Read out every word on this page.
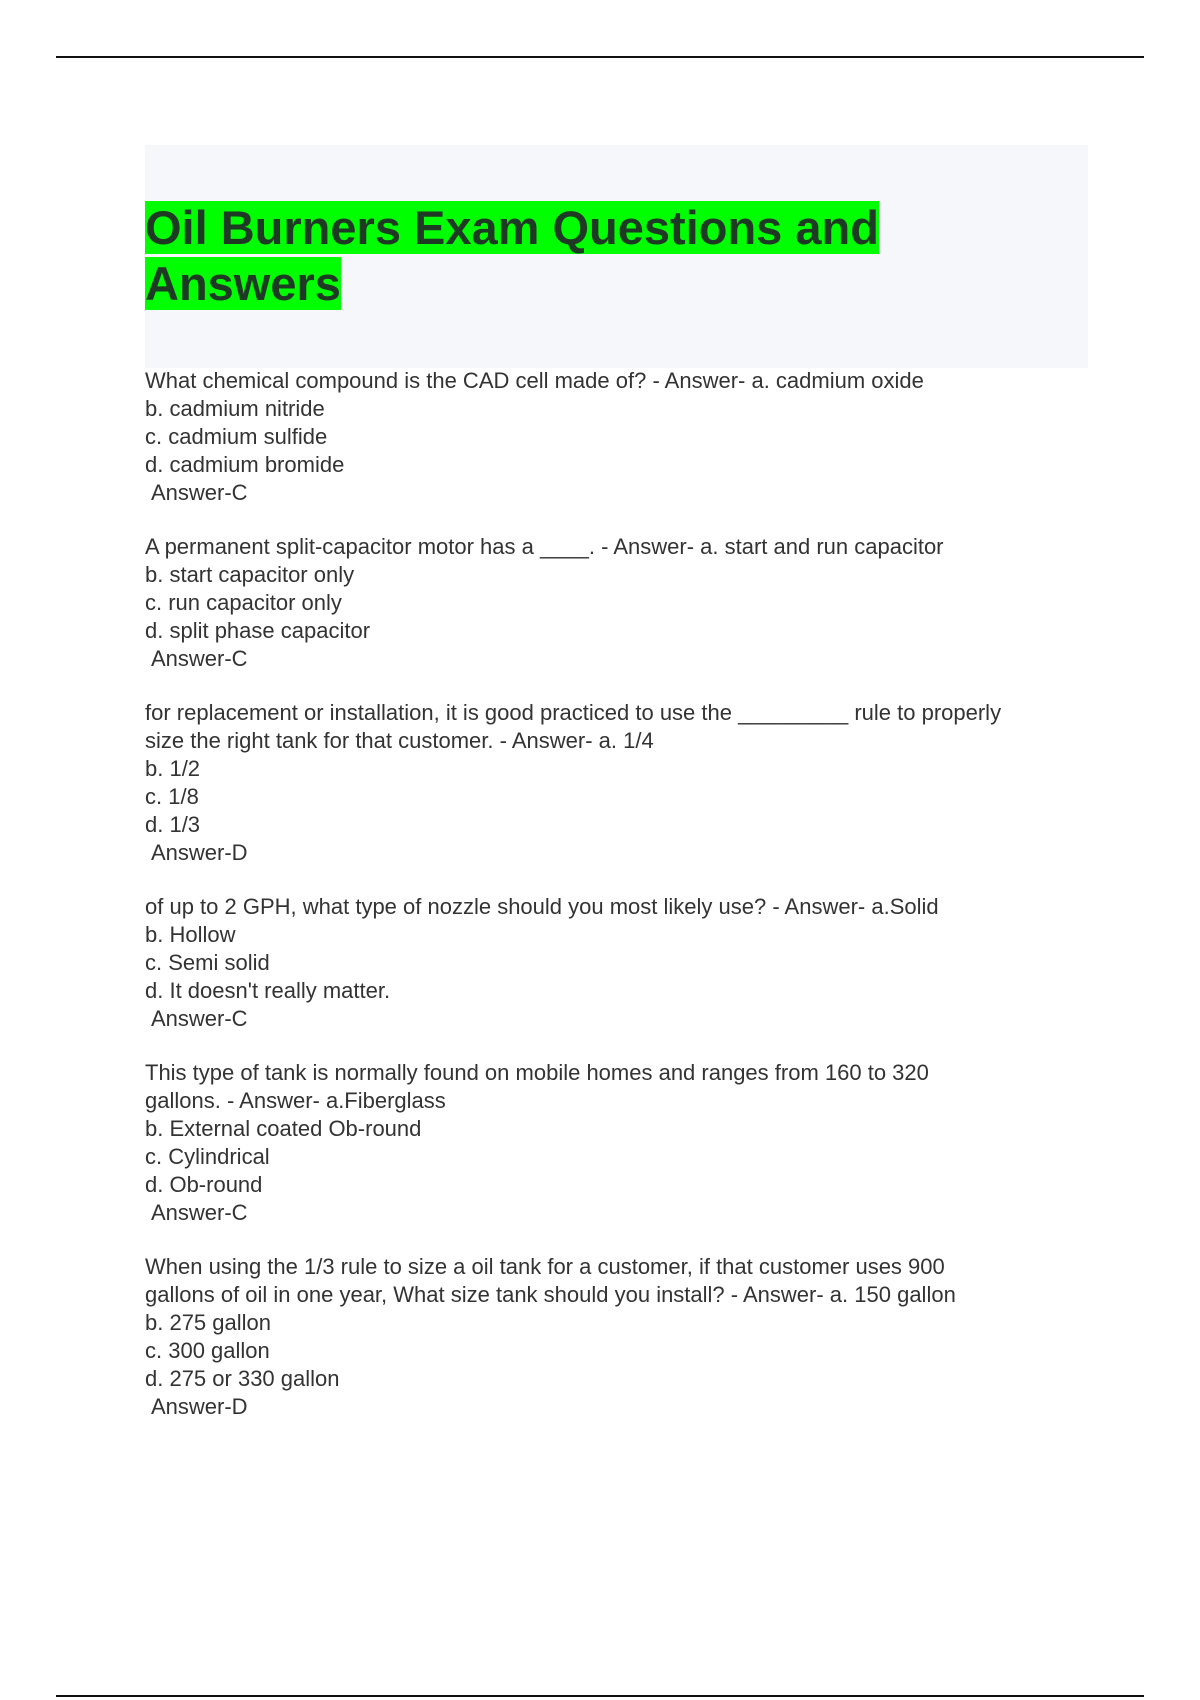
Oil Burners Exam Questions and Answers
What chemical compound is the CAD cell made of? - Answer- a. cadmium oxide
b. cadmium nitride
c. cadmium sulfide
d. cadmium bromide
Answer-C
A permanent split-capacitor motor has a ____. - Answer- a. start and run capacitor
b. start capacitor only
c. run capacitor only
d. split phase capacitor
Answer-C
for replacement or installation, it is good practiced to use the _________ rule to properly
size the right tank for that customer. - Answer- a. 1/4
b. 1/2
c. 1/8
d. 1/3
Answer-D
of up to 2 GPH, what type of nozzle should you most likely use? - Answer- a.Solid
b. Hollow
c. Semi solid
d. It doesn't really matter.
Answer-C
This type of tank is normally found on mobile homes and ranges from 160 to 320
gallons. - Answer- a.Fiberglass
b. External coated Ob-round
c. Cylindrical
d. Ob-round
Answer-C
When using the 1/3 rule to size a oil tank for a customer, if that customer uses 900
gallons of oil in one year, What size tank should you install? - Answer- a. 150 gallon
b. 275 gallon
c. 300 gallon
d. 275 or 330 gallon
Answer-D
